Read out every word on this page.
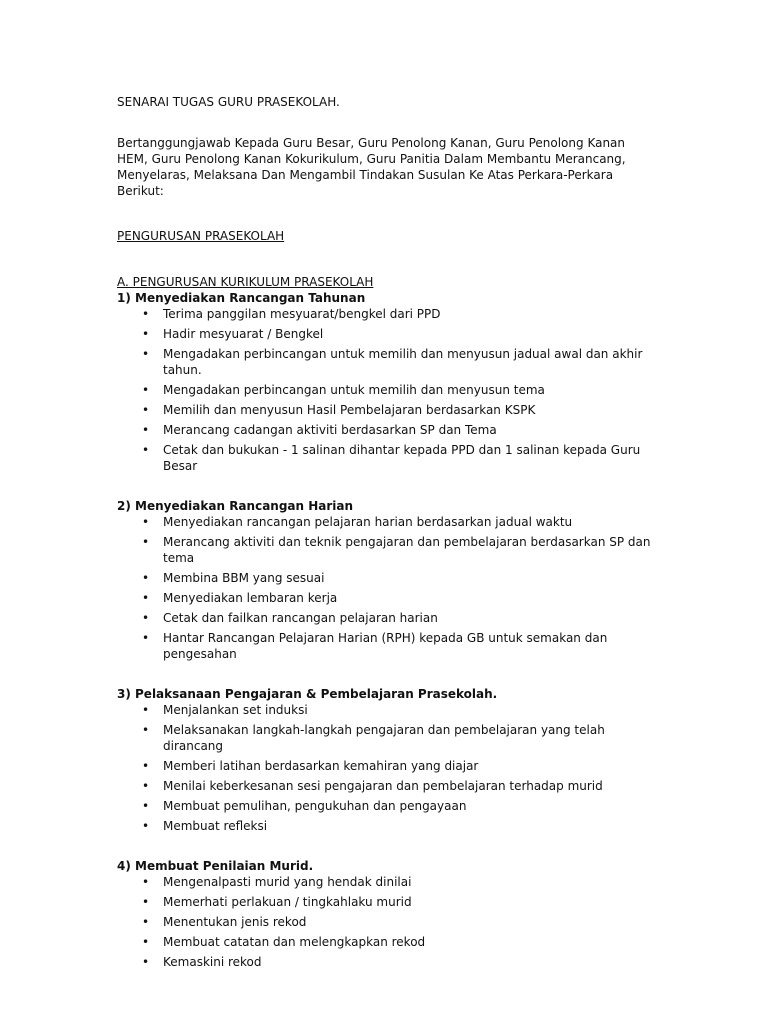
SENARAI TUGAS GURU PRASEKOLAH.
Bertanggungjawab Kepada Guru Besar, Guru Penolong Kanan, Guru Penolong Kanan HEM, Guru Penolong Kanan Kokurikulum, Guru Panitia Dalam Membantu Merancang, Menyelaras, Melaksana Dan Mengambil Tindakan Susulan Ke Atas Perkara-Perkara Berikut:
PENGURUSAN PRASEKOLAH
A. PENGURUSAN KURIKULUM PRASEKOLAH
1) Menyediakan Rancangan Tahunan
• Terima panggilan mesyuarat/bengkel dari PPD
• Hadir mesyuarat / Bengkel
• Mengadakan perbincangan untuk memilih dan menyusun jadual awal dan akhir tahun.
• Mengadakan perbincangan untuk memilih dan menyusun tema
• Memilih dan menyusun Hasil Pembelajaran berdasarkan KSPK
• Merancang cadangan aktiviti berdasarkan SP dan Tema
• Cetak dan bukukan - 1 salinan dihantar kepada PPD dan 1 salinan kepada Guru Besar
2) Menyediakan Rancangan Harian
• Menyediakan rancangan pelajaran harian berdasarkan jadual waktu
• Merancang aktiviti dan teknik pengajaran dan pembelajaran berdasarkan SP dan tema
• Membina BBM yang sesuai
• Menyediakan lembaran kerja
• Cetak dan failkan rancangan pelajaran harian
• Hantar Rancangan Pelajaran Harian (RPH) kepada GB untuk semakan dan pengesahan
3) Pelaksanaan Pengajaran & Pembelajaran Prasekolah.
• Menjalankan set induksi
• Melaksanakan langkah-langkah pengajaran dan pembelajaran yang telah dirancang
• Memberi latihan berdasarkan kemahiran yang diajar
• Menilai keberkesanan sesi pengajaran dan pembelajaran terhadap murid
• Membuat pemulihan, pengukuhan dan pengayaan
• Membuat refleksi
4) Membuat Penilaian Murid.
• Mengenalpasti murid yang hendak dinilai
• Memerhati perlakuan / tingkahlaku murid
• Menentukan jenis rekod
• Membuat catatan dan melengkapkan rekod
• Kemaskini rekod
